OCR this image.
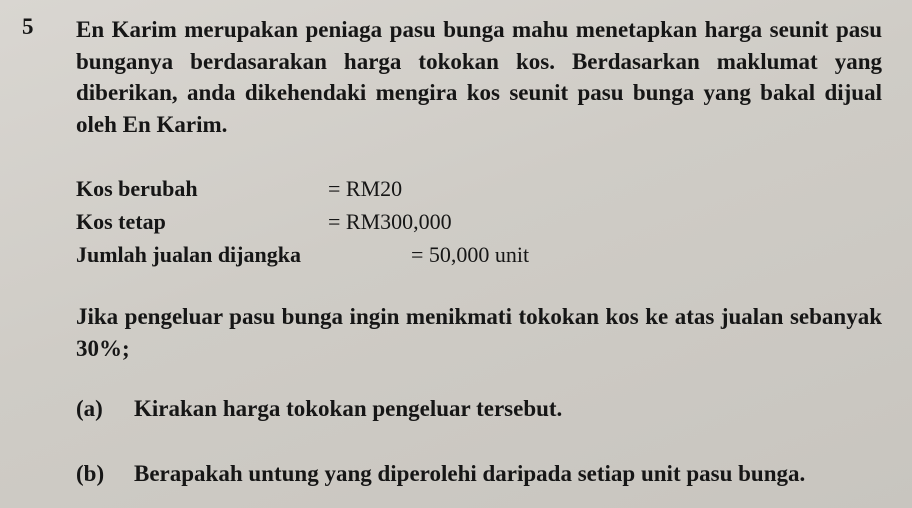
5 En Karim merupakan peniaga pasu bunga mahu menetapkan harga seunit pasu bunganya berdasarakan harga tokokan kos. Berdasarkan maklumat yang diberikan, anda dikehendaki mengira kos seunit pasu bunga yang bakal dijual oleh En Karim.
Kos berubah	= RM20
Kos tetap	= RM300,000
Jumlah jualan dijangka	= 50,000 unit
Jika pengeluar pasu bunga ingin menikmati tokokan kos ke atas jualan sebanyak 30%;
(a) Kirakan harga tokokan pengeluar tersebut.
(b) Berapakah untung yang diperolehi daripada setiap unit pasu bunga.
